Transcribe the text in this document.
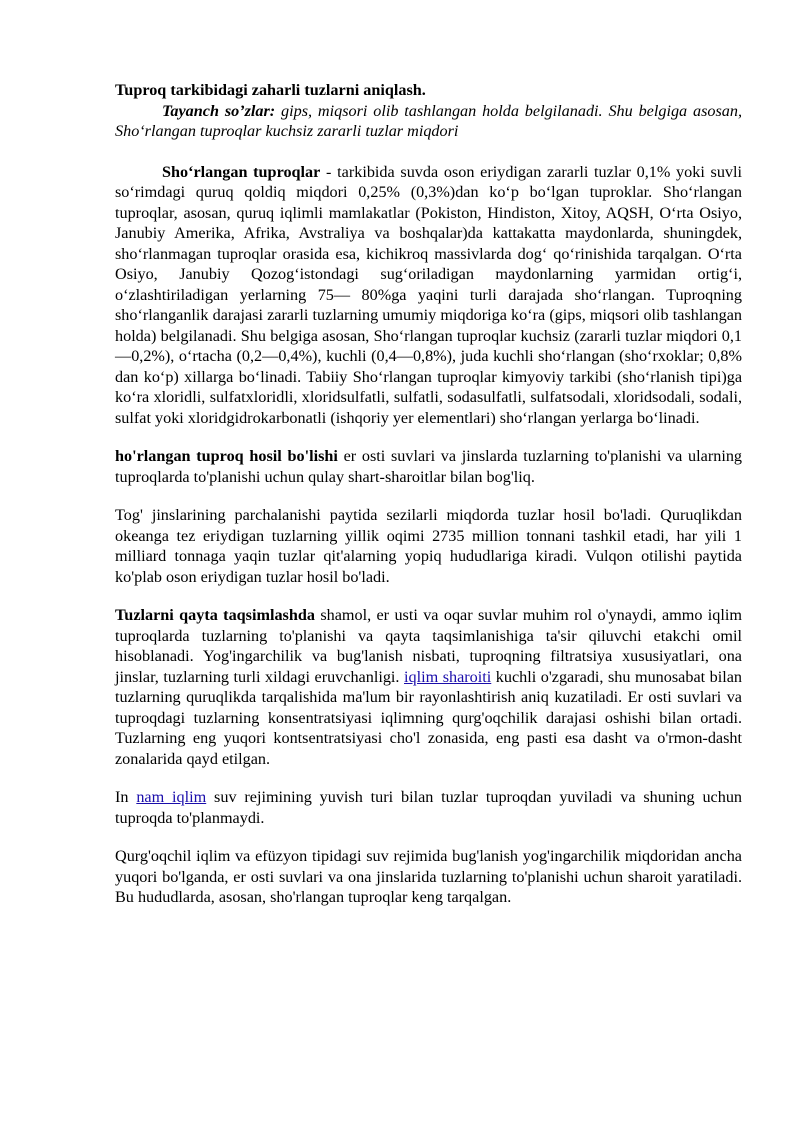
Tuproq tarkibidagi zaharli tuzlarni aniqlash.

Tayanch so’zlar: gips, miqsori olib tashlangan holda belgilanadi. Shu belgiga asosan, Sho‘rlangan tuproqlar kuchsiz zararli tuzlar miqdori

Sho‘rlangan tuproqlar - tarkibida suvda oson eriydigan zararli tuzlar 0,1% yoki suvli so‘rimdagi quruq qoldiq miqdori 0,25% (0,3%)dan ko‘p bo‘lgan tuproklar. Sho‘rlangan tuproqlar, asosan, quruq iqlimli mamlakatlar (Pokiston, Hindiston, Xitoy, AQSH, O‘rta Osiyo, Janubiy Amerika, Afrika, Avstraliya va boshqalar)da kattakatta maydonlarda, shuningdek, sho‘rlanmagan tuproqlar orasida esa, kichikroq massivlarda dog‘ qo‘rinishida tarqalgan. O‘rta Osiyo, Janubiy Qozog‘istondagi sug‘oriladigan maydonlarning yarmidan ortig‘i, o‘zlashtiriladigan yerlarning 75— 80%ga yaqini turli darajada sho‘rlangan. Tuproqning sho‘rlanganlik darajasi zararli tuzlarning umumiy miqdoriga ko‘ra (gips, miqsori olib tashlangan holda) belgilanadi. Shu belgiga asosan, Sho‘rlangan tuproqlar kuchsiz (zararli tuzlar miqdori 0,1—0,2%), o‘rtacha (0,2—0,4%), kuchli (0,4—0,8%), juda kuchli sho‘rlangan (sho‘rxoklar; 0,8% dan ko‘p) xillarga bo‘linadi. Tabiiy Sho‘rlangan tuproqlar kimyoviy tarkibi (sho‘rlanish tipi)ga ko‘ra xloridli, sulfatxloridli, xloridsulfatli, sulfatli, sodasulfatli, sulfatsodali, xloridsodali, sodali, sulfat yoki xloridgidrokarbonatli (ishqoriy yer elementlari) sho‘rlangan yerlarga bo‘linadi.

ho'rlangan tuproq hosil bo'lishi er osti suvlari va jinslarda tuzlarning to'planishi va ularning tuproqlarda to'planishi uchun qulay shart-sharoitlar bilan bog'liq.

Tog' jinslarining parchalanishi paytida sezilarli miqdorda tuzlar hosil bo'ladi. Quruqlikdan okeanga tez eriydigan tuzlarning yillik oqimi 2735 million tonnani tashkil etadi, har yili 1 milliard tonnaga yaqin tuzlar qit'alarning yopiq hududlariga kiradi. Vulqon otilishi paytida ko'plab oson eriydigan tuzlar hosil bo'ladi.

Tuzlarni qayta taqsimlashda shamol, er usti va oqar suvlar muhim rol o'ynaydi, ammo iqlim tuproqlarda tuzlarning to'planishi va qayta taqsimlanishiga ta'sir qiluvchi etakchi omil hisoblanadi. Yog'ingarchilik va bug'lanish nisbati, tuproqning filtratsiya xususiyatlari, ona jinslar, tuzlarning turli xildagi eruvchanligi. iqlim sharoiti kuchli o'zgaradi, shu munosabat bilan tuzlarning quruqlikda tarqalishida ma'lum bir rayonlashtirish aniq kuzatiladi. Er osti suvlari va tuproqdagi tuzlarning konsentratsiyasi iqlimning qurg'oqchilik darajasi oshishi bilan ortadi. Tuzlarning eng yuqori kontsentratsiyasi cho'l zonasida, eng pasti esa dasht va o'rmon-dasht zonalarida qayd etilgan.

In nam iqlim suv rejimining yuvish turi bilan tuzlar tuproqdan yuviladi va shuning uchun tuproqda to'planmaydi.

Qurg'oqchil iqlim va efüzyon tipidagi suv rejimida bug'lanish yog'ingarchilik miqdoridan ancha yuqori bo'lganda, er osti suvlari va ona jinslarida tuzlarning to'planishi uchun sharoit yaratiladi. Bu hududlarda, asosan, sho'rlangan tuproqlar keng tarqalgan.
